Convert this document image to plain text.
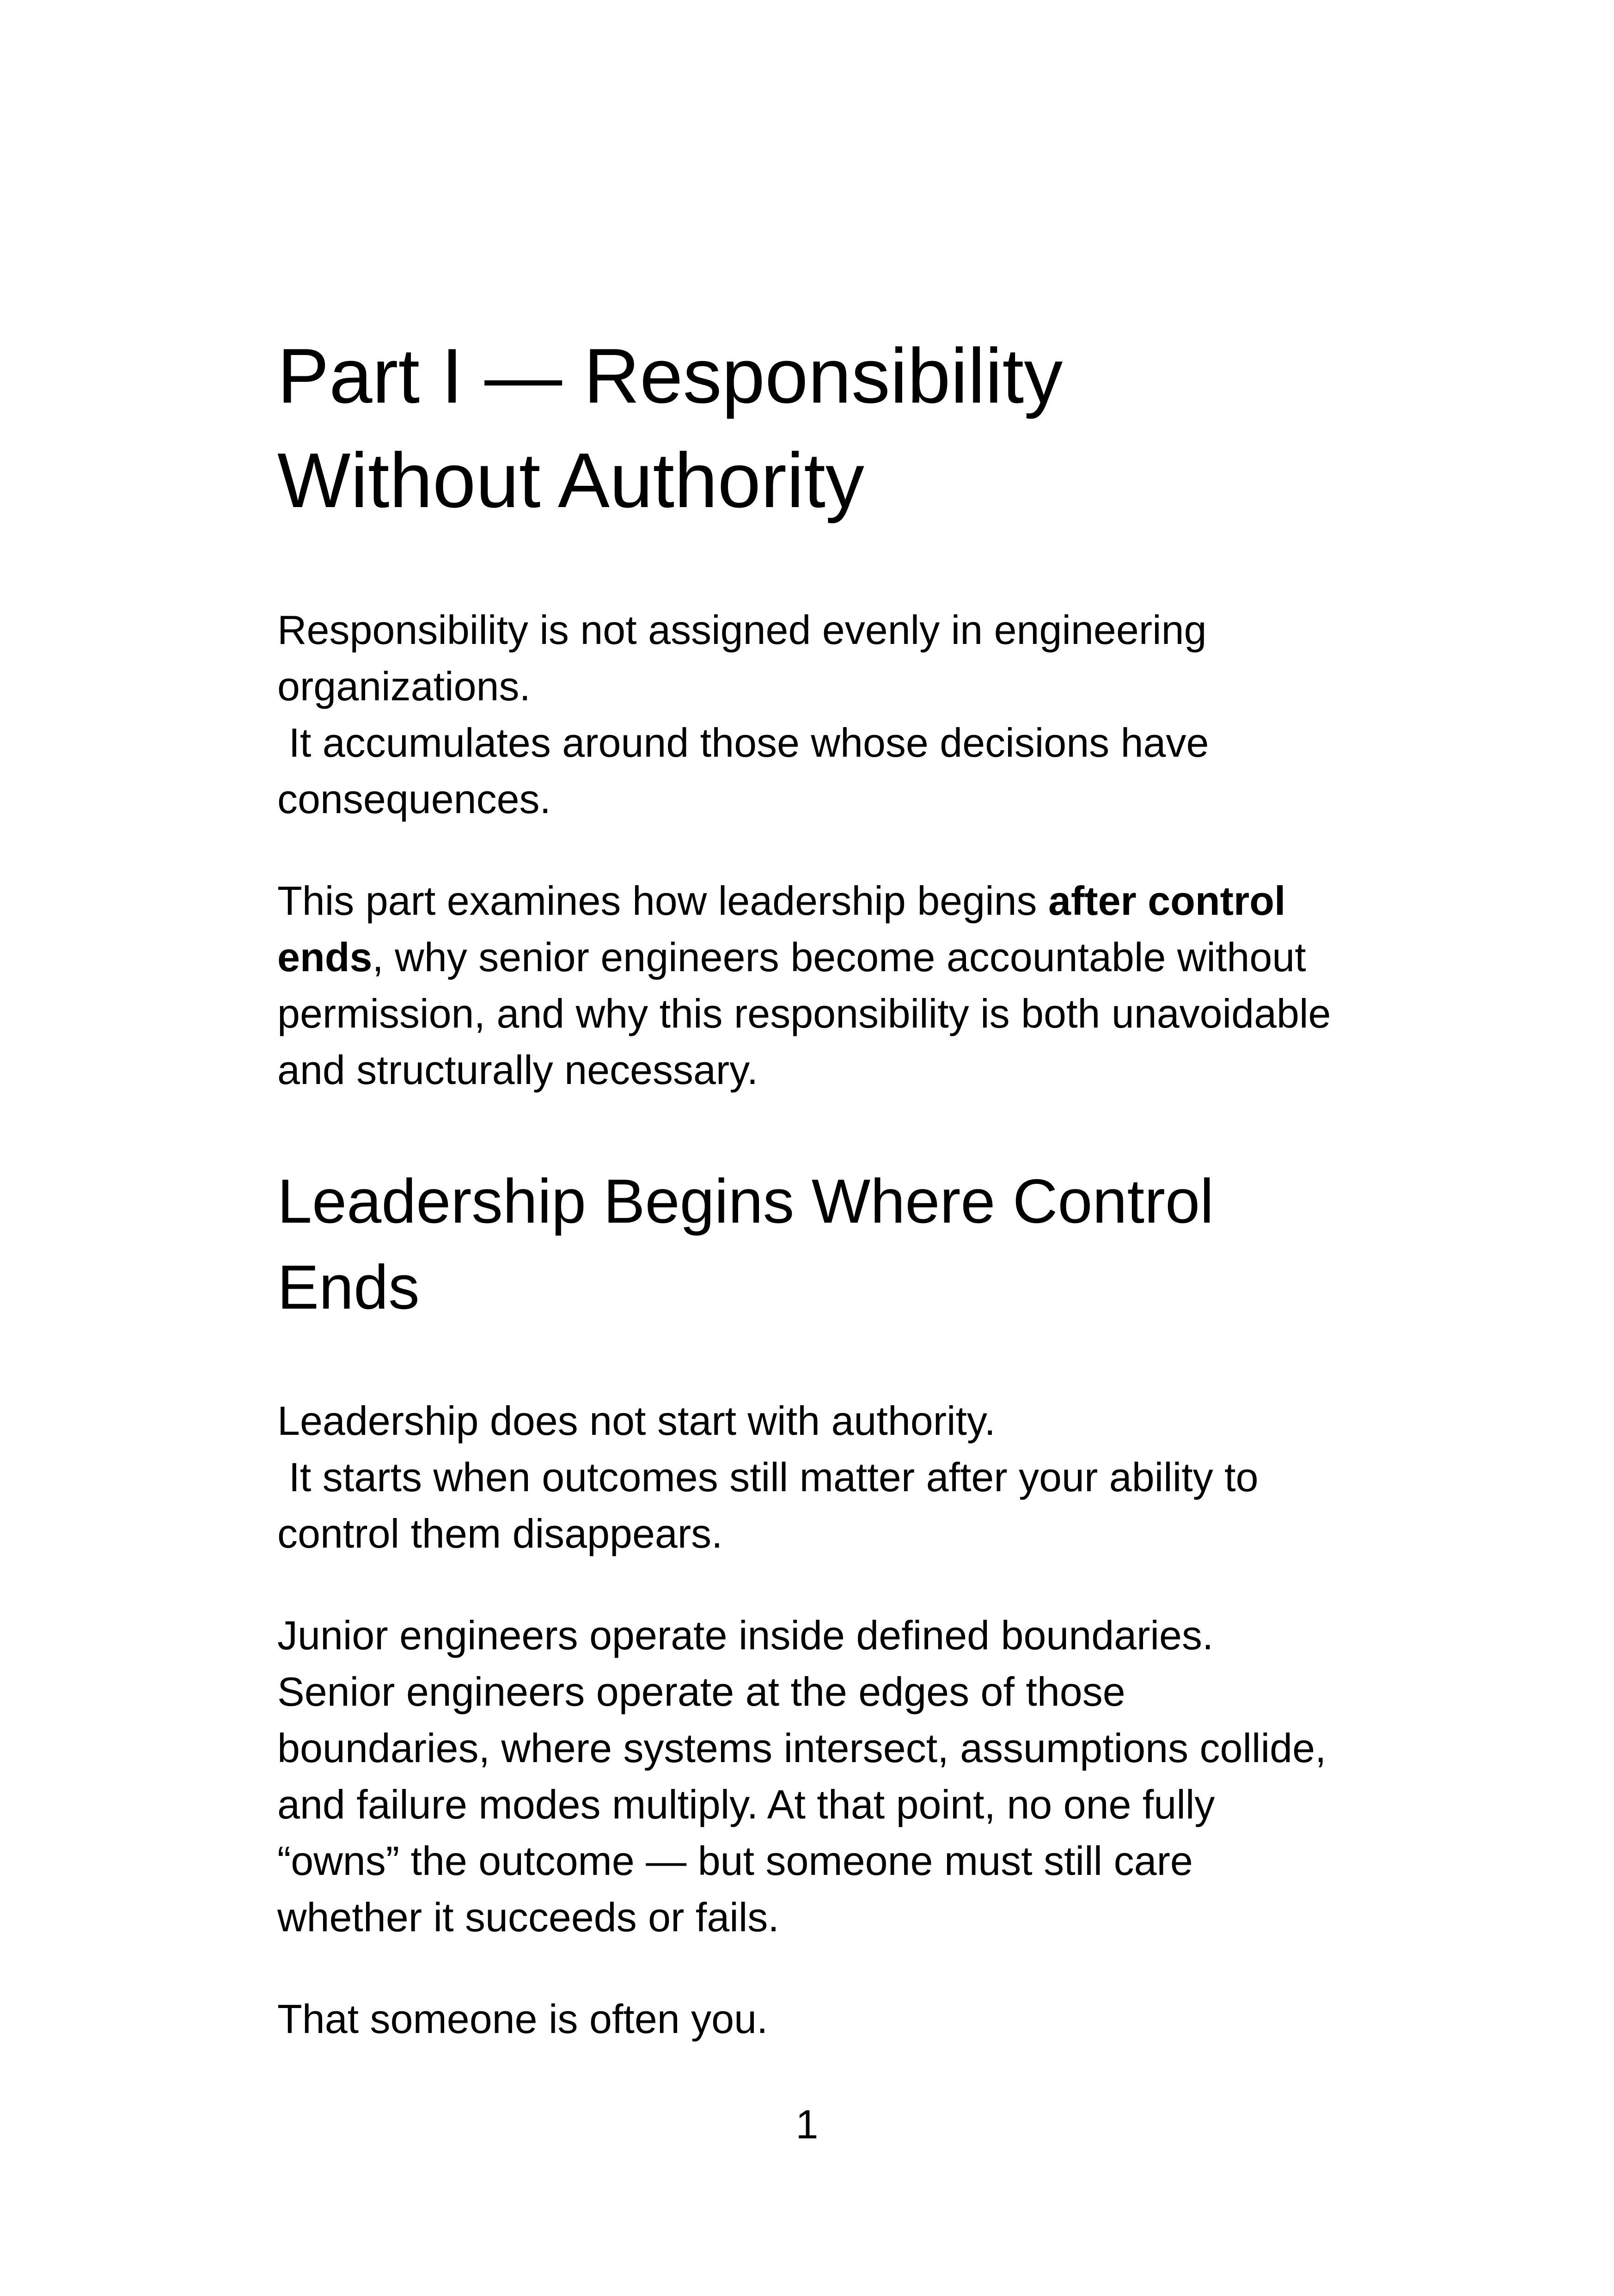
Part I — Responsibility
Without Authority

Responsibility is not assigned evenly in engineering organizations.
It accumulates around those whose decisions have consequences.

This part examines how leadership begins after control ends, why senior engineers become accountable without permission, and why this responsibility is both unavoidable and structurally necessary.

Leadership Begins Where Control
Ends

Leadership does not start with authority.
It starts when outcomes still matter after your ability to control them disappears.

Junior engineers operate inside defined boundaries. Senior engineers operate at the edges of those boundaries, where systems intersect, assumptions collide, and failure modes multiply. At that point, no one fully “owns” the outcome — but someone must still care whether it succeeds or fails.

That someone is often you.

1
